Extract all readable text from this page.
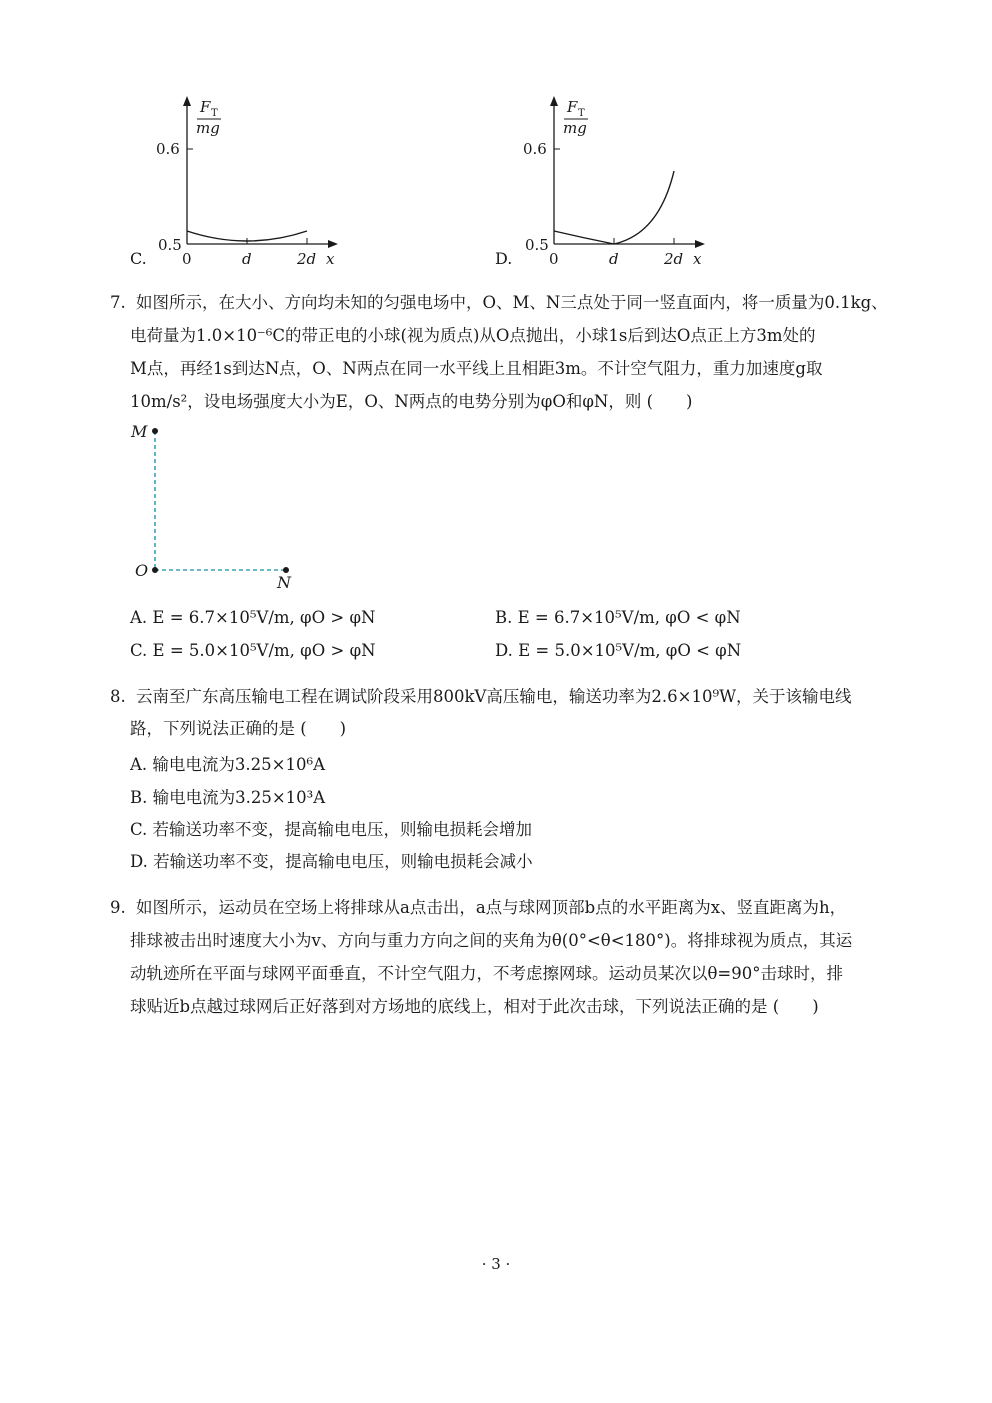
C.
F T
mg
0.6
0.5
0	d	2d x	D.
F T
mg
0.6
0.5
0	d	2d x
7. 如图所示，在大小、方向均未知的匀强电场中，O、M、N三点处于同一竖直面内，将一质量为0.1kg、
电荷量为1.0×10⁻⁶C的带正电的小球(视为质点)从O点抛出，小球1s后到达O点正上方3m处的
M点，再经1s到达N点，O、N两点在同一水平线上且相距3m。不计空气阻力，重力加速度g取
10m/s²，设电场强度大小为E，O、N两点的电势分别为φO和φN，则 (　　)
M
O
N
A. E = 6.7×10⁵V/m, φO > φN	B. E = 6.7×10⁵V/m, φO < φN
C. E = 5.0×10⁵V/m, φO > φN	D. E = 5.0×10⁵V/m, φO < φN
8. 云南至广东高压输电工程在调试阶段采用800kV高压输电，输送功率为2.6×10⁹W，关于该输电线
路，下列说法正确的是 (　　)
A. 输电电流为3.25×10⁶A
B. 输电电流为3.25×10³A
C. 若输送功率不变，提高输电电压，则输电损耗会增加
D. 若输送功率不变，提高输电电压，则输电损耗会减小
9. 如图所示，运动员在空场上将排球从a点击出，a点与球网顶部b点的水平距离为x、竖直距离为h，
排球被击出时速度大小为v、方向与重力方向之间的夹角为θ(0°<θ<180°)。将排球视为质点，其运
动轨迹所在平面与球网平面垂直，不计空气阻力，不考虑擦网球。运动员某次以θ=90°击球时，排
球贴近b点越过球网后正好落到对方场地的底线上，相对于此次击球，下列说法正确的是 (　　)
· 3 ·
